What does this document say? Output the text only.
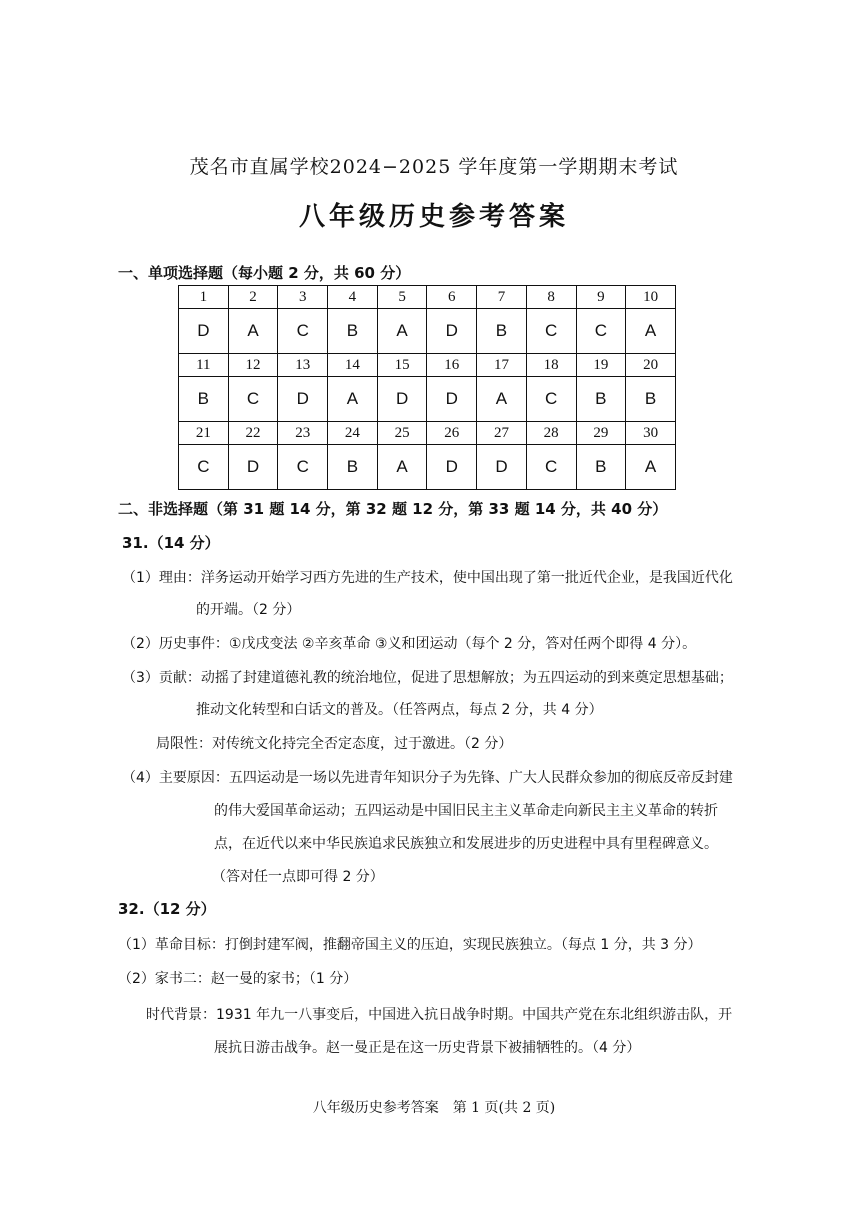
茂名市直属学校2024−2025 学年度第一学期期末考试
八年级历史参考答案
一、单项选择题（每小题 2 分，共 60 分）
1	2	3	4	5	6	7	8	9	10
D	A	C	B	A	D	B	C	C	A
11	12	13	14	15	16	17	18	19	20
B	C	D	A	D	D	A	C	B	B
21	22	23	24	25	26	27	28	29	30
C	D	C	B	A	D	D	C	B	A
二、非选择题（第 31 题 14 分，第 32 题 12 分，第 33 题 14 分，共 40 分）
31.（14 分）
（1）理由：洋务运动开始学习西方先进的生产技术，使中国出现了第一批近代企业，是我国近代化
的开端。（2 分）
（2）历史事件：①戊戌变法 ②辛亥革命 ③义和团运动（每个 2 分，答对任两个即得 4 分）。
（3）贡献：动摇了封建道德礼教的统治地位，促进了思想解放；为五四运动的到来奠定思想基础；
推动文化转型和白话文的普及。（任答两点，每点 2 分，共 4 分）
局限性：对传统文化持完全否定态度，过于激进。（2 分）
（4）主要原因：五四运动是一场以先进青年知识分子为先锋、广大人民群众参加的彻底反帝反封建
的伟大爱国革命运动；五四运动是中国旧民主主义革命走向新民主主义革命的转折
点，在近代以来中华民族追求民族独立和发展进步的历史进程中具有里程碑意义。
（答对任一点即可得 2 分）
32.（12 分）
（1）革命目标：打倒封建军阀，推翻帝国主义的压迫，实现民族独立。（每点 1 分，共 3 分）
（2）家书二：赵一曼的家书；（1 分）
时代背景：1931 年九一八事变后，中国进入抗日战争时期。中国共产党在东北组织游击队，开
展抗日游击战争。赵一曼正是在这一历史背景下被捕牺牲的。（4 分）
八年级历史参考答案　第 1 页(共 2 页)
